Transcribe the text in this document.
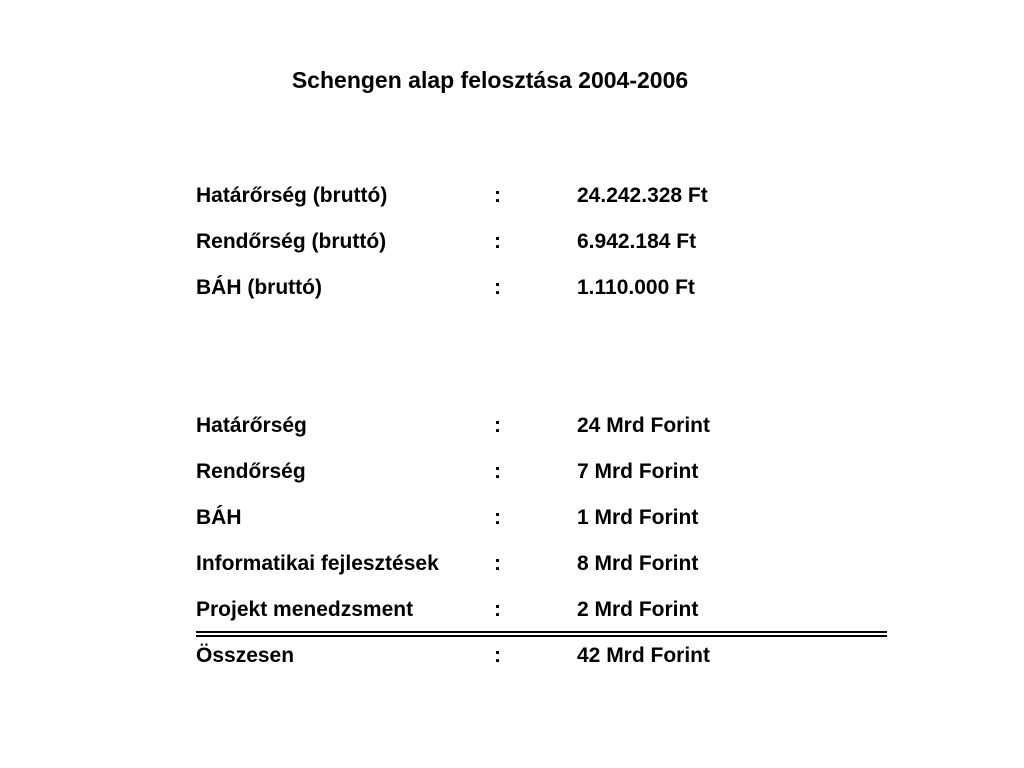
Schengen alap felosztása 2004-2006
Határőrség (bruttó)	:	24.242.328 Ft
Rendőrség (bruttó)	:	6.942.184 Ft
BÁH (bruttó)	:	1.110.000 Ft
Határőrség	:	24 Mrd Forint
Rendőrség	:	7 Mrd Forint
BÁH	:	1 Mrd Forint
Informatikai fejlesztések	:	8 Mrd Forint
Projekt menedzsment	:	2 Mrd Forint
Összesen	:	42 Mrd Forint
